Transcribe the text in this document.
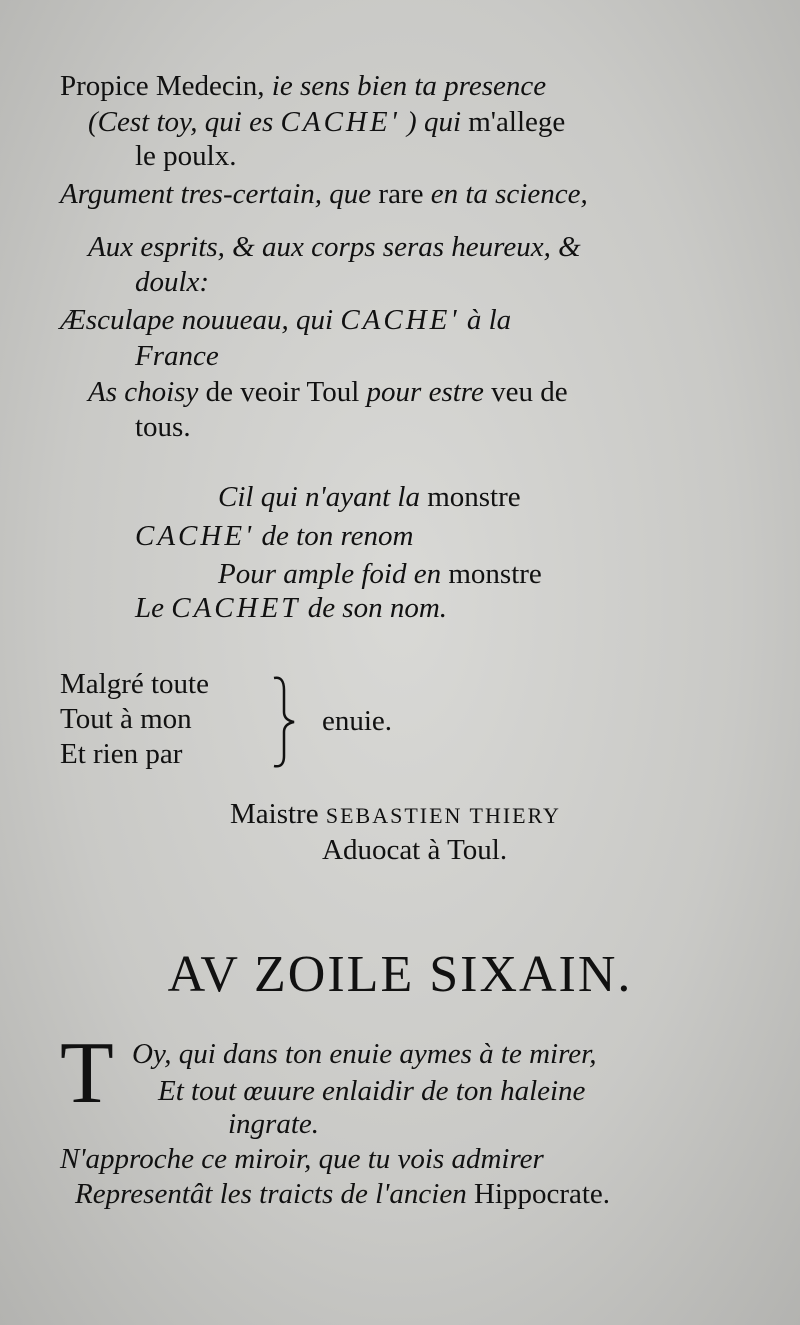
Propice Medecin, ie sens bien ta presence
(Cest toy, qui es CACHE' ) qui m'allege
le poulx.
Argument tres-certain, que rare en ta science,
Aux esprits, & aux corps seras heureux, &
doulx:
Æsculape nouueau, qui CACHE' à la
France
As choisy de veoir Toul pour estre veu de
tous.
Cil qui n'ayant la monstre
CACHE' de ton renom
Pour ample foid en monstre
Le CACHET de son nom.
Malgré toute
Tout à mon
Et rien par
enuie.
Maistre SEBASTIEN THIERY
Aduocat à Toul.
AV ZOILE SIXAIN.
T Oy, qui dans ton enuie aymes à te mirer,
Et tout œuure enlaidir de ton haleine
ingrate.
N'approche ce miroir, que tu vois admirer
Representât les traicts de l'ancien Hippocrate.
